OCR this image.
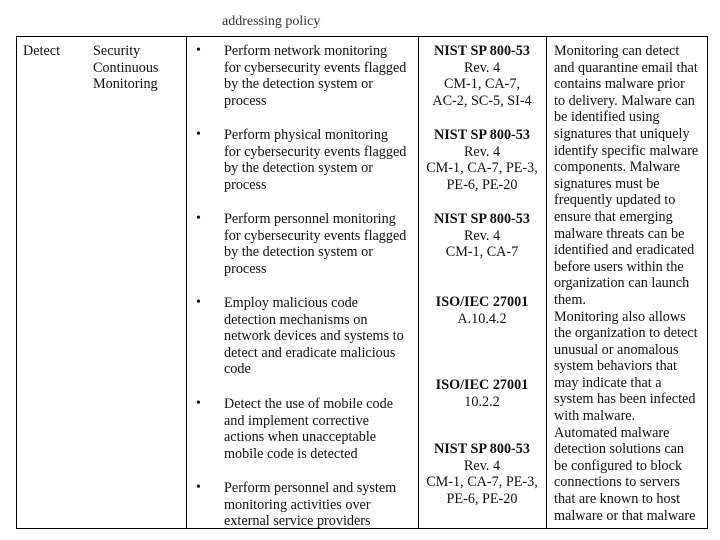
addressing policy
Detect Security
Continuous
Monitoring
• Perform network monitoring
for cybersecurity events flagged
by the detection system or
process
• Perform physical monitoring
for cybersecurity events flagged
by the detection system or
process
• Perform personnel monitoring
for cybersecurity events flagged
by the detection system or
process
• Employ malicious code
detection mechanisms on
network devices and systems to
detect and eradicate malicious
code
• Detect the use of mobile code
and implement corrective
actions when unacceptable
mobile code is detected
• Perform personnel and system
monitoring activities over
external service providers
NIST SP 800-53
Rev. 4
CM-1, CA-7,
AC-2, SC-5, SI-4
NIST SP 800-53
Rev. 4
CM-1, CA-7, PE-3,
PE-6, PE-20
NIST SP 800-53
Rev. 4
CM-1, CA-7
ISO/IEC 27001
A.10.4.2
ISO/IEC 27001
10.2.2
NIST SP 800-53
Rev. 4
CM-1, CA-7, PE-3,
PE-6, PE-20
Monitoring can detect
and quarantine email that
contains malware prior
to delivery. Malware can
be identified using
signatures that uniquely
identify specific malware
components. Malware
signatures must be
frequently updated to
ensure that emerging
malware threats can be
identified and eradicated
before users within the
organization can launch
them.
Monitoring also allows
the organization to detect
unusual or anomalous
system behaviors that
may indicate that a
system has been infected
with malware.
Automated malware
detection solutions can
be configured to block
connections to servers
that are known to host
malware or that malware
